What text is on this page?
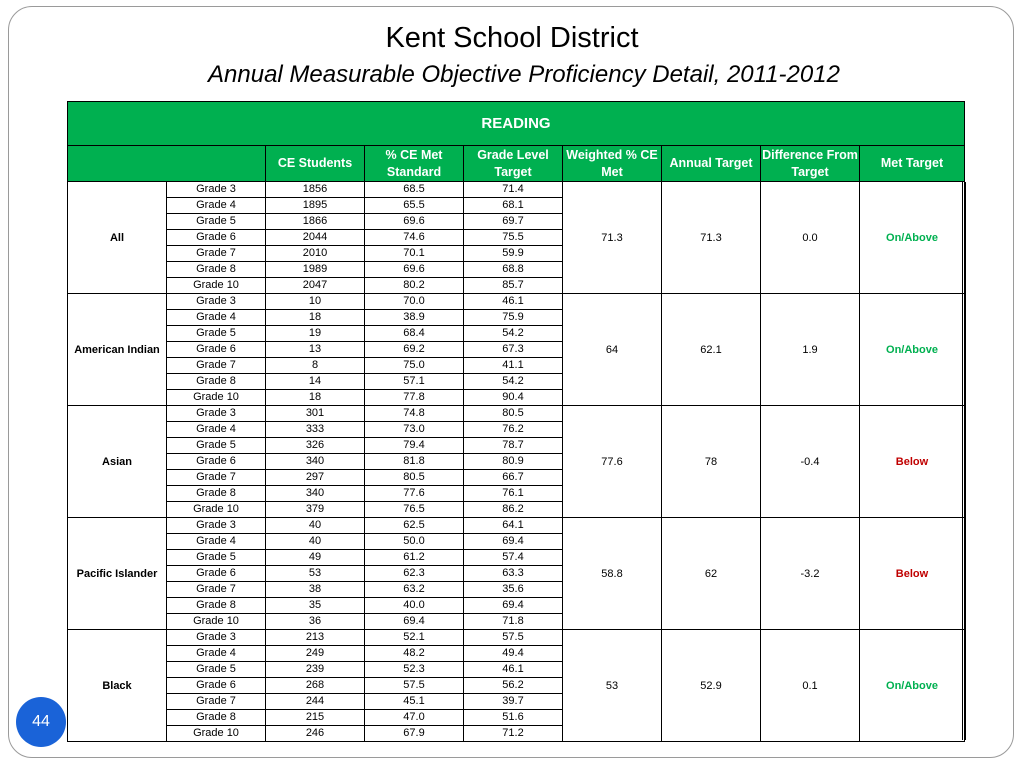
Kent School District
Annual Measurable Objective Proficiency Detail, 2011-2012
READING								
		CE Students	% CE Met Standard	Grade Level Target	Weighted % CE Met	Annual Target	Difference From Target	Met Target
All	Grade 3	1856	68.5	71.4	71.3	71.3	0.0	On/Above
	Grade 4	1895	65.5	68.1				
	Grade 5	1866	69.6	69.7				
	Grade 6	2044	74.6	75.5				
	Grade 7	2010	70.1	59.9				
	Grade 8	1989	69.6	68.8				
	Grade 10	2047	80.2	85.7				
American Indian	Grade 3	10	70.0	46.1	64	62.1	1.9	On/Above
	Grade 4	18	38.9	75.9				
	Grade 5	19	68.4	54.2				
	Grade 6	13	69.2	67.3				
	Grade 7	8	75.0	41.1				
	Grade 8	14	57.1	54.2				
	Grade 10	18	77.8	90.4				
Asian	Grade 3	301	74.8	80.5	77.6	78	-0.4	Below
	Grade 4	333	73.0	76.2				
	Grade 5	326	79.4	78.7				
	Grade 6	340	81.8	80.9				
	Grade 7	297	80.5	66.7				
	Grade 8	340	77.6	76.1				
	Grade 10	379	76.5	86.2				
Pacific Islander	Grade 3	40	62.5	64.1	58.8	62	-3.2	Below
	Grade 4	40	50.0	69.4				
	Grade 5	49	61.2	57.4				
	Grade 6	53	62.3	63.3				
	Grade 7	38	63.2	35.6				
	Grade 8	35	40.0	69.4				
	Grade 10	36	69.4	71.8				
Black	Grade 3	213	52.1	57.5	53	52.9	0.1	On/Above
	Grade 4	249	48.2	49.4				
	Grade 5	239	52.3	46.1				
	Grade 6	268	57.5	56.2				
	Grade 7	244	45.1	39.7				
	Grade 8	215	47.0	51.6				
	Grade 10	246	67.9	71.2				
44
